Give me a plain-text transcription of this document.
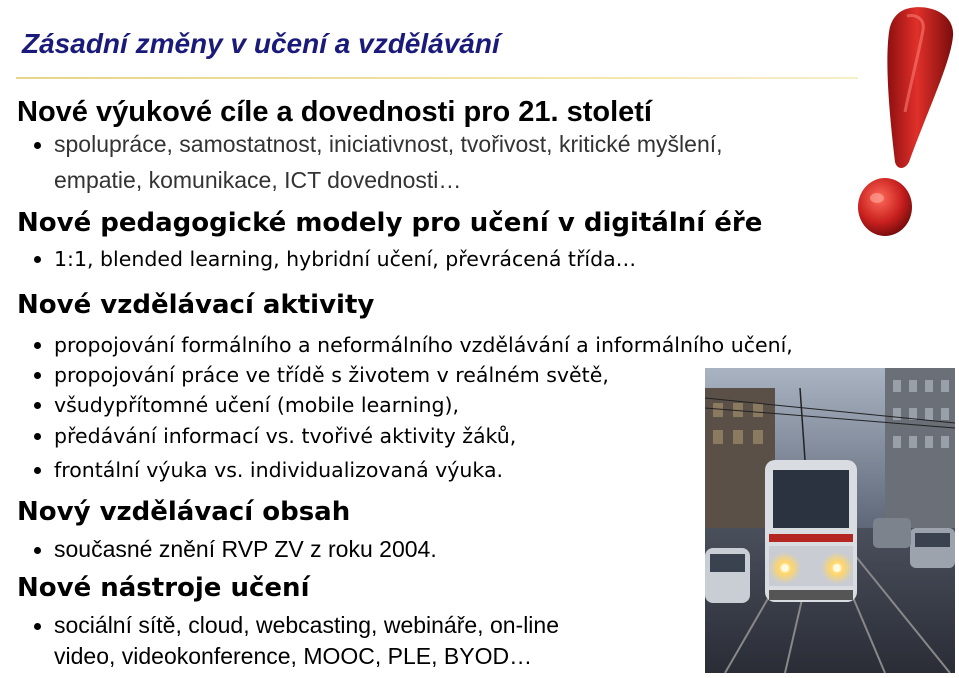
Zásadní změny v učení a vzdělávání
Nové výukové cíle a dovednosti pro 21. století
spolupráce, samostatnost, iniciativnost, tvořivost, kritické myšlení,
empatie, komunikace, ICT dovednosti…
Nové pedagogické modely pro učení v digitální éře
1:1, blended learning, hybridní učení, převrácená třída…
Nové vzdělávací aktivity
propojování formálního a neformálního vzdělávání a informálního učení,
propojování práce ve třídě s životem v reálném světě,
všudypřítomné učení (mobile learning),
předávání informací vs. tvořivé aktivity žáků,
frontální výuka vs. individualizovaná výuka.
Nový vzdělávací obsah
současné znění RVP ZV z roku 2004.
Nové nástroje učení
sociální sítě, cloud, webcasting, webináře, on-line
video, videokonference, MOOC, PLE, BYOD…
